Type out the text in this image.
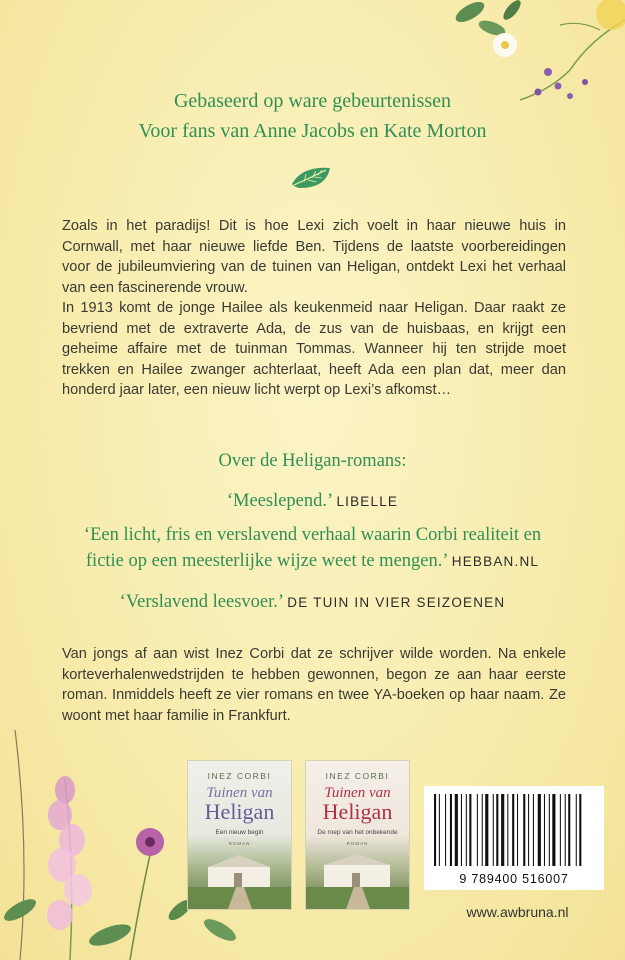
Gebaseerd op ware gebeurtenissen
Voor fans van Anne Jacobs en Kate Morton

Zoals in het paradijs! Dit is hoe Lexi zich voelt in haar nieuwe huis in Cornwall, met haar nieuwe liefde Ben. Tijdens de laatste voorbereidingen voor de jubileumviering van de tuinen van Heligan, ontdekt Lexi het verhaal van een fascinerende vrouw.

In 1913 komt de jonge Hailee als keukenmeid naar Heligan. Daar raakt ze bevriend met de extraverte Ada, de zus van de huisbaas, en krijgt een geheime affaire met de tuinman Tommas. Wanneer hij ten strijde moet trekken en Hailee zwanger achterlaat, heeft Ada een plan dat, meer dan honderd jaar later, een nieuw licht werpt op Lexi’s afkomst…

Over de Heligan-romans:
‘Meeslepend.’ LIBELLE
‘Een licht, fris en verslavend verhaal waarin Corbi realiteit en
fictie op een meesterlijke wijze weet te mengen.’ HEBBAN.NL
‘Verslavend leesvoer.’ DE TUIN IN VIER SEIZOENEN
Van jongs af aan wist Inez Corbi dat ze schrijver wilde worden. Na enkele korteverhalenwedstrijden te hebben gewonnen, begon ze aan haar eerste roman. Inmiddels heeft ze vier romans en twee YA-boeken op haar naam. Ze woont met haar familie in Frankfurt.
INEZ CORBI
Tuinen van
Heligan
Een nieuw begin
ROMAN
INEZ CORBI
Tuinen van
Heligan
De roep van het onbekende
ROMAN
9 789400 516007
www.awbruna.nl
